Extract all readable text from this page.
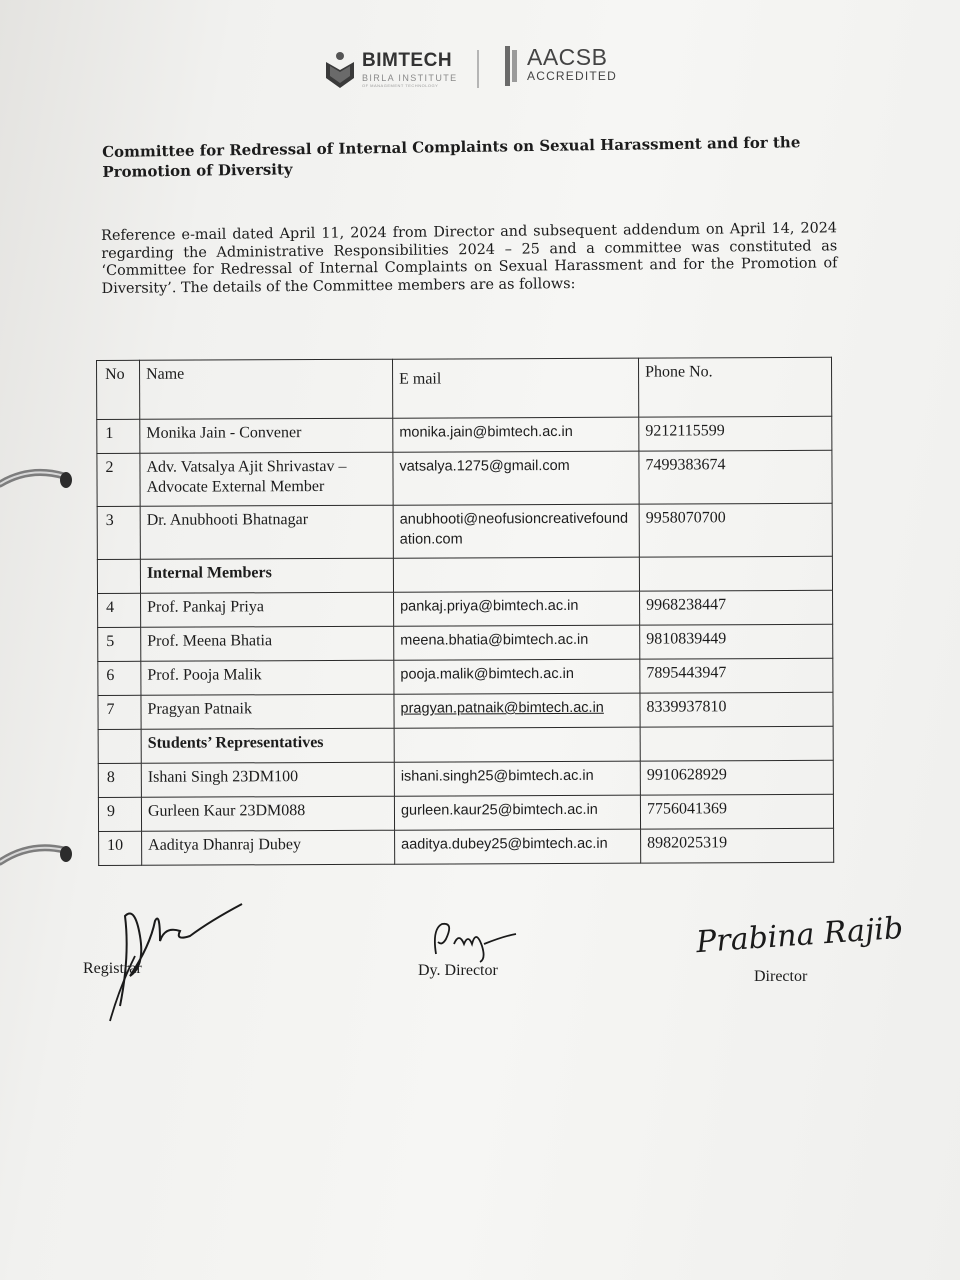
BIMTECH
BIRLA INSTITUTE
OF MANAGEMENT TECHNOLOGY
AACSB
ACCREDITED
Committee for Redressal of Internal Complaints on Sexual Harassment and for the Promotion of Diversity
Reference e-mail dated April 11, 2024 from Director and subsequent addendum on April 14, 2024 regarding the Administrative Responsibilities 2024 – 25 and a committee was constituted as ‘Committee for Redressal of Internal Complaints on Sexual Harassment and for the Promotion of Diversity’. The details of the Committee members are as follows:
No	Name	E mail	Phone No.
1	Monika Jain - Convener	monika.jain@bimtech.ac.in	9212115599
2	Adv. Vatsalya Ajit Shrivastav – Advocate External Member	vatsalya.1275@gmail.com	7499383674
3	Dr. Anubhooti Bhatnagar	anubhooti@neofusioncreativefoundation.com	9958070700
	Internal Members		
4	Prof. Pankaj Priya	pankaj.priya@bimtech.ac.in	9968238447
5	Prof. Meena Bhatia	meena.bhatia@bimtech.ac.in	9810839449
6	Prof. Pooja Malik	pooja.malik@bimtech.ac.in	7895443947
7	Pragyan Patnaik	pragyan.patnaik@bimtech.ac.in	8339937810
	Students’ Representatives		
8	Ishani Singh 23DM100	ishani.singh25@bimtech.ac.in	9910628929
9	Gurleen Kaur 23DM088	gurleen.kaur25@bimtech.ac.in	7756041369
10	Aaditya Dhanraj Dubey	aaditya.dubey25@bimtech.ac.in	8982025319
Registrar	Dy. Director
Prabina Rajib
Director
